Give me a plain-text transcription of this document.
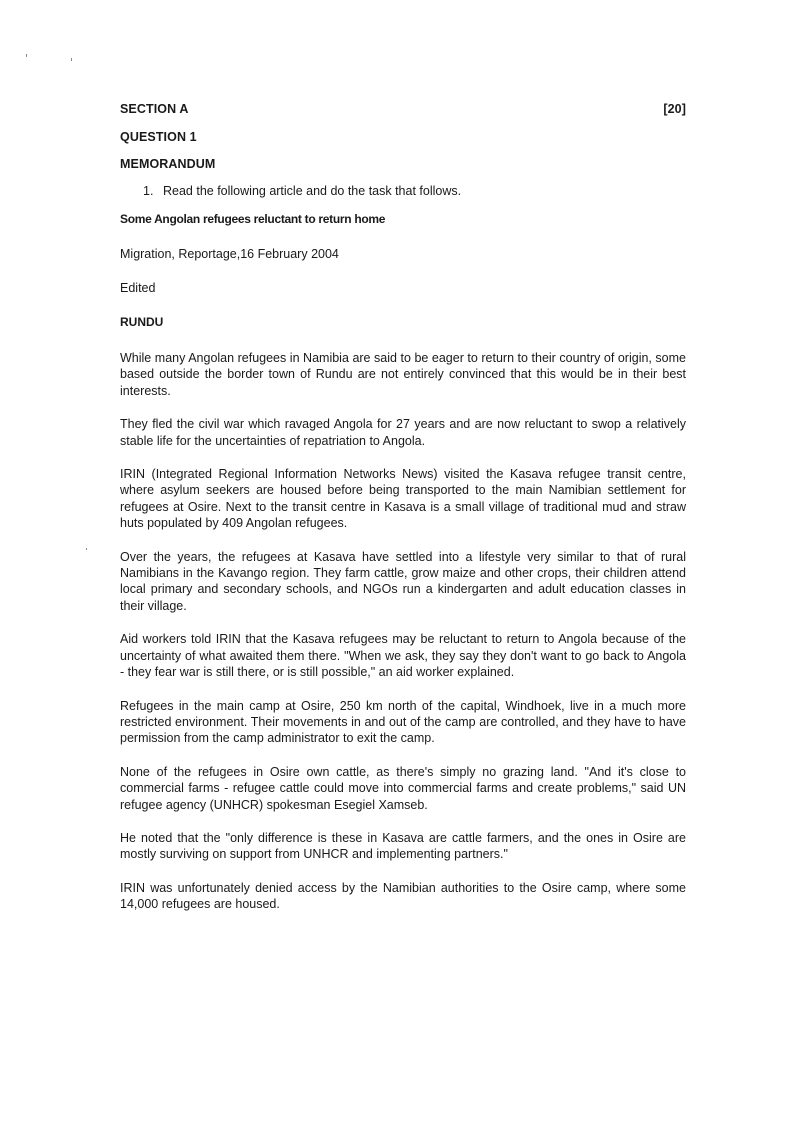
SECTION A	[20]
QUESTION 1
MEMORANDUM
1. Read the following article and do the task that follows.
Some Angolan refugees reluctant to return home
Migration, Reportage,16 February 2004
Edited
RUNDU

While many Angolan refugees in Namibia are said to be eager to return to their country of origin, some based outside the border town of Rundu are not entirely convinced that this would be in their best interests.

They fled the civil war which ravaged Angola for 27 years and are now reluctant to swop a relatively stable life for the uncertainties of repatriation to Angola.

IRIN (Integrated Regional Information Networks News) visited the Kasava refugee transit centre, where asylum seekers are housed before being transported to the main Namibian settlement for refugees at Osire. Next to the transit centre in Kasava is a small village of traditional mud and straw huts populated by 409 Angolan refugees.

Over the years, the refugees at Kasava have settled into a lifestyle very similar to that of rural Namibians in the Kavango region. They farm cattle, grow maize and other crops, their children attend local primary and secondary schools, and NGOs run a kindergarten and adult education classes in their village.

Aid workers told IRIN that the Kasava refugees may be reluctant to return to Angola because of the uncertainty of what awaited them there. "When we ask, they say they don't want to go back to Angola - they fear war is still there, or is still possible," an aid worker explained.

Refugees in the main camp at Osire, 250 km north of the capital, Windhoek, live in a much more restricted environment. Their movements in and out of the camp are controlled, and they have to have permission from the camp administrator to exit the camp.

None of the refugees in Osire own cattle, as there's simply no grazing land. "And it's close to commercial farms - refugee cattle could move into commercial farms and create problems," said UN refugee agency (UNHCR) spokesman Esegiel Xamseb.

He noted that the "only difference is these in Kasava are cattle farmers, and the ones in Osire are mostly surviving on support from UNHCR and implementing partners."

IRIN was unfortunately denied access by the Namibian authorities to the Osire camp, where some 14,000 refugees are housed.
